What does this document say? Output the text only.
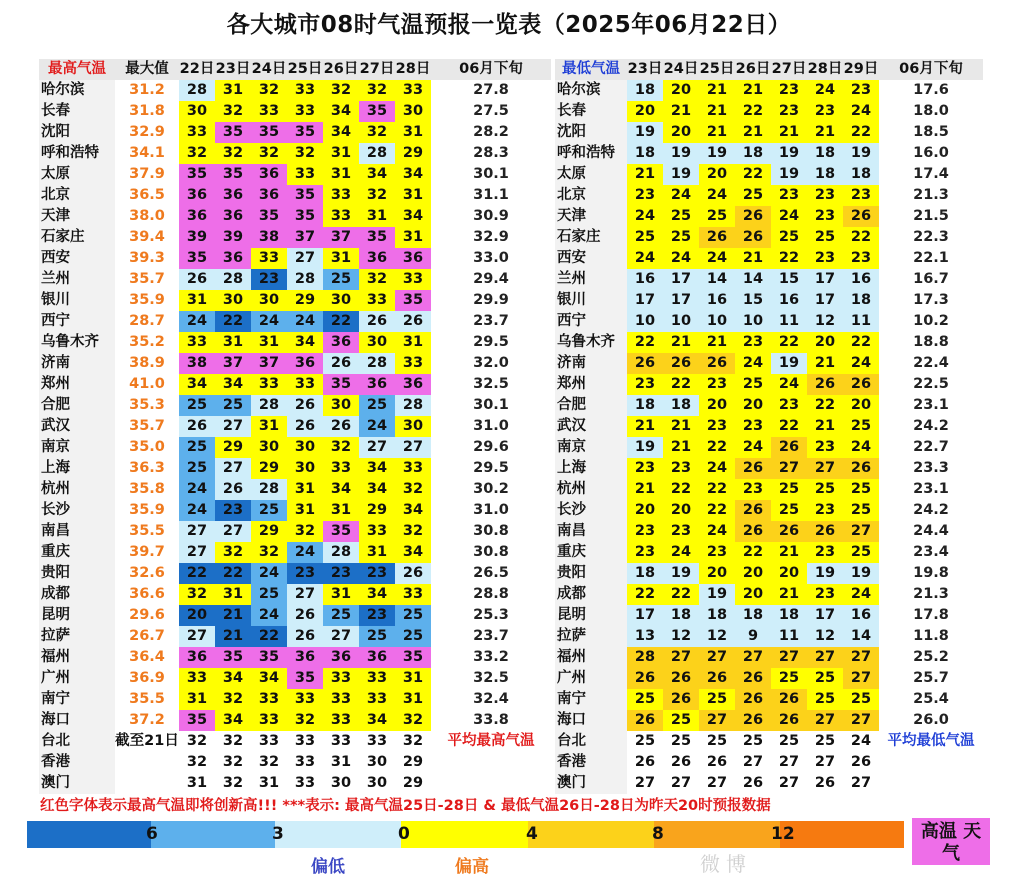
各大城市08时气温预报一览表（2025年06月22日）
最高气温	最大值	22日	23日	24日	25日	26日	27日	28日	06月下旬
哈尔滨	31.2	28	31	32	33	32	32	33	27.8
长春	31.8	30	32	33	33	34	35	30	27.5
沈阳	32.9	33	35	35	35	34	32	31	28.2
呼和浩特	34.1	32	32	32	32	31	28	29	28.3
太原	37.9	35	35	36	33	31	34	34	30.1
北京	36.5	36	36	36	35	33	32	31	31.1
天津	38.0	36	36	35	35	33	31	34	30.9
石家庄	39.4	39	39	38	37	37	35	31	32.9
西安	39.3	35	36	33	27	31	36	36	33.0
兰州	35.7	26	28	23	28	25	32	33	29.4
银川	35.9	31	30	30	29	30	33	35	29.9
西宁	28.7	24	22	24	24	22	26	26	23.7
乌鲁木齐	35.2	33	31	31	34	36	30	31	29.5
济南	38.9	38	37	37	36	26	28	33	32.0
郑州	41.0	34	34	33	33	35	36	36	32.5
合肥	35.3	25	25	28	26	30	25	28	30.1
武汉	35.7	26	27	31	26	26	24	30	31.0
南京	35.0	25	29	30	30	32	27	27	29.6
上海	36.3	25	27	29	30	33	34	33	29.5
杭州	35.8	24	26	28	31	34	34	32	30.2
长沙	35.9	24	23	25	31	31	29	34	31.0
南昌	35.5	27	27	29	32	35	33	32	30.8
重庆	39.7	27	32	32	24	28	31	34	30.8
贵阳	32.6	22	22	24	23	23	23	26	26.5
成都	36.6	32	31	25	27	31	34	33	28.8
昆明	29.6	20	21	24	26	25	23	25	25.3
拉萨	26.7	27	21	22	26	27	25	25	23.7
福州	36.4	36	35	35	36	36	36	35	33.2
广州	36.9	33	34	34	35	33	33	31	32.5
南宁	35.5	31	32	33	33	33	33	31	32.4
海口	37.2	35	34	33	32	33	34	32	33.8
台北	截至21日	32	32	33	33	33	33	32	平均最高气温
香港		32	32	32	33	31	30	29	
澳门		31	32	31	33	30	30	29	
最低气温	23日	24日	25日	26日	27日	28日	29日	06月下旬
哈尔滨	18	20	21	21	23	24	23	17.6
长春	20	21	21	22	23	23	24	18.0
沈阳	19	20	21	21	21	21	22	18.5
呼和浩特	18	19	19	18	19	18	19	16.0
太原	21	19	20	22	19	18	18	17.4
北京	23	24	24	25	23	23	23	21.3
天津	24	25	25	26	24	23	26	21.5
石家庄	25	25	26	26	25	25	22	22.3
西安	24	24	24	21	22	23	23	22.1
兰州	16	17	14	14	15	17	16	16.7
银川	17	17	16	15	16	17	18	17.3
西宁	10	10	10	10	11	12	11	10.2
乌鲁木齐	22	21	21	23	22	20	22	18.8
济南	26	26	26	24	19	21	24	22.4
郑州	23	22	23	25	24	26	26	22.5
合肥	18	18	20	20	23	22	20	23.1
武汉	21	21	23	23	22	21	25	24.2
南京	19	21	22	24	26	23	24	22.7
上海	23	23	24	26	27	27	26	23.3
杭州	21	22	22	23	25	25	25	23.1
长沙	20	20	22	26	25	23	25	24.2
南昌	23	23	24	26	26	26	27	24.4
重庆	23	24	23	22	21	23	25	23.4
贵阳	18	19	20	20	20	19	19	19.8
成都	22	22	19	20	21	23	24	21.3
昆明	17	18	18	18	18	17	16	17.8
拉萨	13	12	12	9	11	12	14	11.8
福州	28	27	27	27	27	27	27	25.2
广州	26	26	26	26	25	25	27	25.7
南宁	25	26	25	26	26	25	25	25.4
海口	26	25	27	26	26	27	27	26.0
台北	25	25	25	25	25	25	24	平均最低气温
香港	26	26	26	27	27	27	26	
澳门	27	27	27	26	27	26	27	
红色字体表示最高气温即将创新高!!! ***表示: 最高气温25日-28日 & 最低气温26日-28日为昨天20时预报数据
6	3	0	4	8	12	高温 天气
偏低	偏高	微博
